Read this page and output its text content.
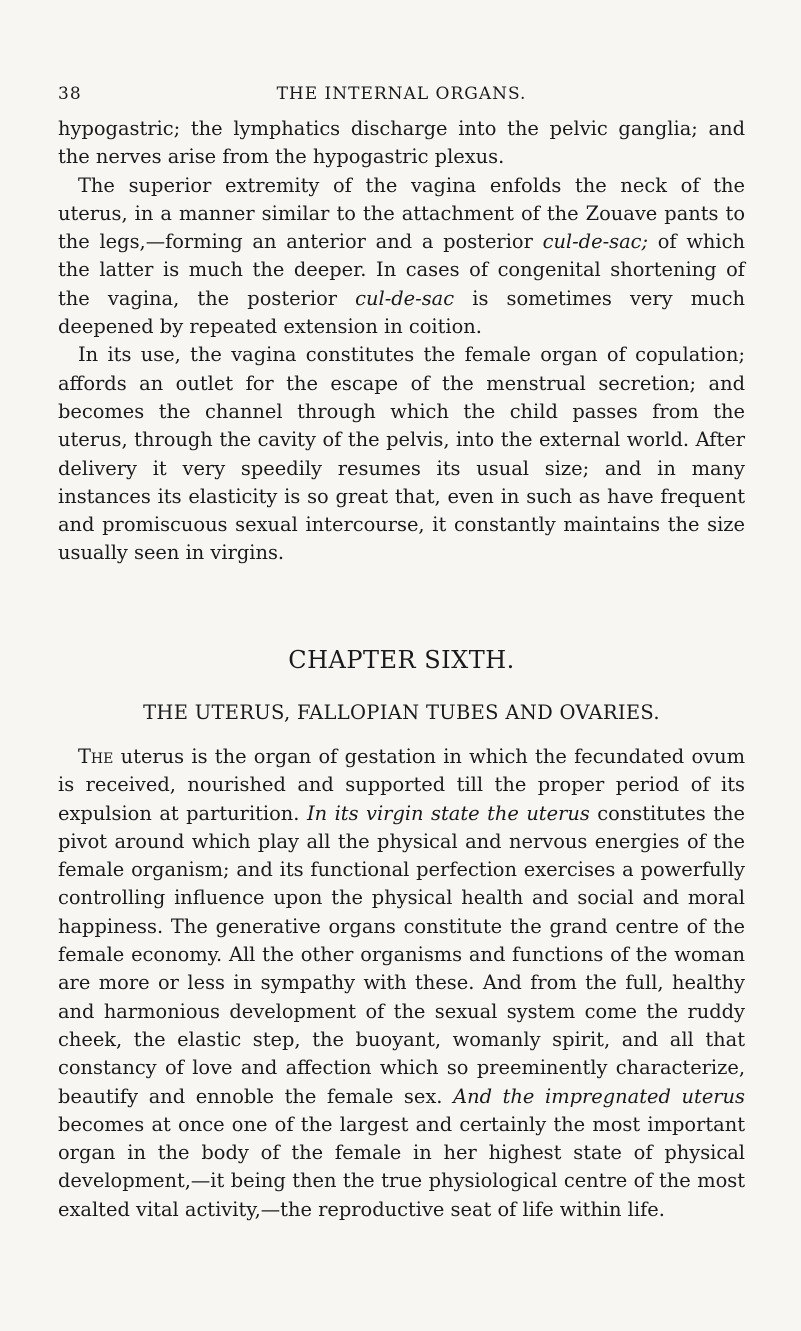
38	THE INTERNAL ORGANS.

hypogastric; the lymphatics discharge into the pelvic ganglia; and the nerves arise from the hypogastric plexus.

The superior extremity of the vagina enfolds the neck of the uterus, in a manner similar to the attachment of the Zouave pants to the legs,—forming an anterior and a posterior cul-de-sac; of which the latter is much the deeper. In cases of congenital shortening of the vagina, the posterior cul-de-sac is sometimes very much deepened by repeated extension in coition.

In its use, the vagina constitutes the female organ of copulation; affords an outlet for the escape of the menstrual secretion; and becomes the channel through which the child passes from the uterus, through the cavity of the pelvis, into the external world. After delivery it very speedily resumes its usual size; and in many instances its elasticity is so great that, even in such as have frequent and promiscuous sexual intercourse, it constantly maintains the size usually seen in virgins.

CHAPTER SIXTH.
THE UTERUS, FALLOPIAN TUBES AND OVARIES.

The uterus is the organ of gestation in which the fecundated ovum is received, nourished and supported till the proper period of its expulsion at parturition. In its virgin state the uterus constitutes the pivot around which play all the physical and nervous energies of the female organism; and its functional perfection exercises a powerfully controlling influence upon the physical health and social and moral happiness. The generative organs constitute the grand centre of the female economy. All the other organisms and functions of the woman are more or less in sympathy with these. And from the full, healthy and harmonious development of the sexual system come the ruddy cheek, the elastic step, the buoyant, womanly spirit, and all that constancy of love and affection which so preeminently characterize, beautify and ennoble the female sex. And the impregnated uterus becomes at once one of the largest and certainly the most important organ in the body of the female in her highest state of physical development,—it being then the true physiological centre of the most exalted vital activity,—the reproductive seat of life within life.
